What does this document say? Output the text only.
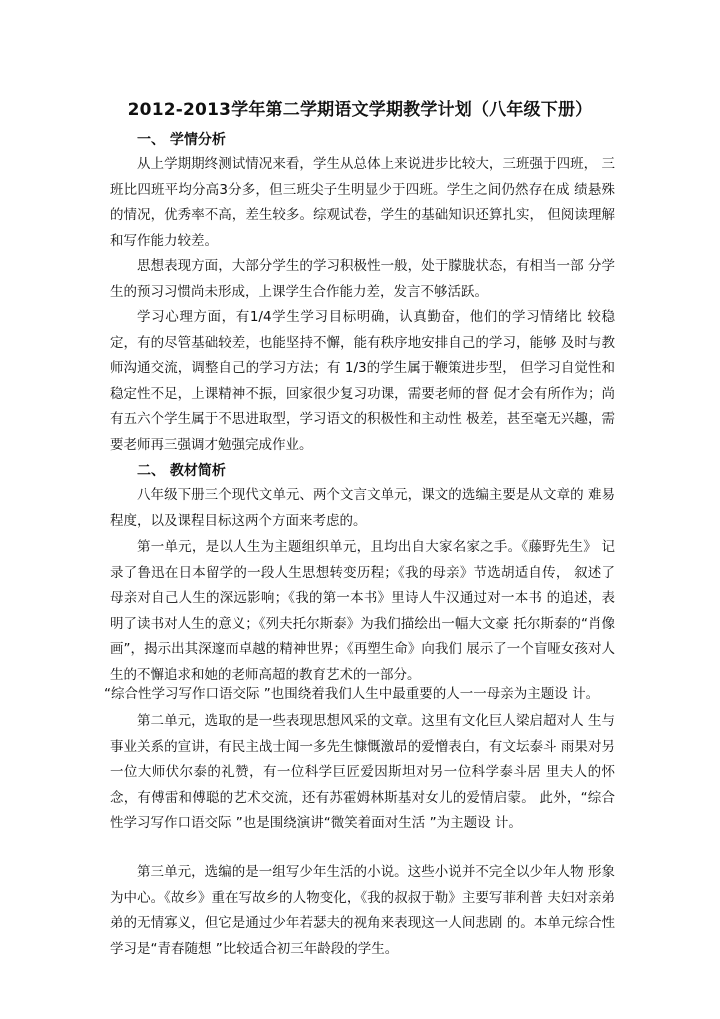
2012-2013学年第二学期语文学期教学计划（八年级下册）
一、 学情分析

从上学期期终测试情况来看，学生从总体上来说进步比较大，三班强于四班， 三班比四班平均分高3分多，但三班尖子生明显少于四班。学生之间仍然存在成 绩悬殊的情况，优秀率不高，差生较多。综观试卷，学生的基础知识还算扎实， 但阅读理解和写作能力较差。

思想表现方面，大部分学生的学习积极性一般，处于朦胧状态，有相当一部 分学生的预习习惯尚未形成，上课学生合作能力差，发言不够活跃。

学习心理方面，有1/4学生学习目标明确，认真勤奋，他们的学习情绪比 较稳定，有的尽管基础较差，也能坚持不懈，能有秩序地安排自己的学习，能够 及时与教师沟通交流，调整自己的学习方法；有 1/3的学生属于鞭策进步型， 但学习自觉性和稳定性不足，上课精神不振，回家很少复习功课，需要老师的督 促才会有所作为；尚有五六个学生属于不思进取型，学习语文的积极性和主动性 极差，甚至毫无兴趣，需要老师再三强调才勉强完成作业。

二、 教材简析

八年级下册三个现代文单元、两个文言文单元，课文的选编主要是从文章的 难易程度，以及课程目标这两个方面来考虑的。

第一单元，是以人生为主题组织单元，且均出自大家名家之手。《藤野先生》 记录了鲁迅在日本留学的一段人生思想转变历程；《我的母亲》节选胡适自传， 叙述了母亲对自己人生的深远影响；《我的第一本书》里诗人牛汉通过对一本书 的追述，表明了读书对人生的意义；《列夫托尔斯泰》为我们描绘出一幅大文豪 托尔斯泰的“肖像画”，揭示出其深邃而卓越的精神世界；《再塑生命》向我们 展示了一个盲哑女孩对人生的不懈追求和她的老师高超的教育艺术的一部分。

“综合性学习写作口语交际 ”也围绕着我们人生中最重要的人一一母亲为主题设 计。

第二单元，选取的是一些表现思想风采的文章。这里有文化巨人梁启超对人 生与事业关系的宣讲，有民主战士闻一多先生慷慨激昂的爱憎表白，有文坛泰斗 雨果对另一位大师伏尔泰的礼赞，有一位科学巨匠爱因斯坦对另一位科学泰斗居 里夫人的怀念，有傅雷和傅聪的艺术交流，还有苏霍姆林斯基对女儿的爱情启蒙。 此外，“综合性学习写作口语交际 ”也是围绕演讲“微笑着面对生活 ”为主题设 计。

第三单元，选编的是一组写少年生活的小说。这些小说并不完全以少年人物 形象为中心。《故乡》重在写故乡的人物变化，《我的叔叔于勒》主要写菲利普 夫妇对亲弟弟的无情寡义，但它是通过少年若瑟夫的视角来表现这一人间悲剧 的。本单元综合性学习是“青春随想 ”比较适合初三年龄段的学生。
